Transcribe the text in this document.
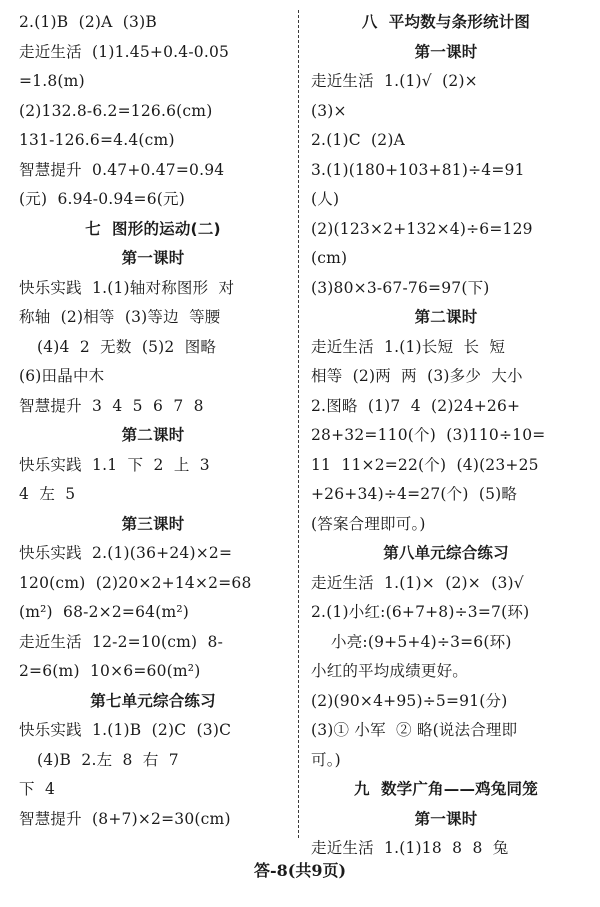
2.(1)B  (2)A  (3)B
走近生活  (1)1.45+0.4-0.05
=1.8(m)
(2)132.8-6.2=126.6(cm)
131-126.6=4.4(cm)
智慧提升  0.47+0.47=0.94
(元)  6.94-0.94=6(元)
七  图形的运动(二)
第一课时
快乐实践  1.(1)轴对称图形  对
称轴  (2)相等  (3)等边  等腰
(4)4  2  无数  (5)2  图略
(6)田晶中木
智慧提升  3  4  5  6  7  8
第二课时
快乐实践  1.1  下  2  上  3
4  左  5
第三课时
快乐实践  2.(1)(36+24)×2=
120(cm)  (2)20×2+14×2=68
(m²)  68-2×2=64(m²)
走近生活  12-2=10(cm)  8-
2=6(m)  10×6=60(m²)
第七单元综合练习
快乐实践  1.(1)B  (2)C  (3)C
(4)B  2.左  8  右  7
下  4
智慧提升  (8+7)×2=30(cm)
八  平均数与条形统计图
第一课时
走近生活  1.(1)√  (2)×
(3)×
2.(1)C  (2)A
3.(1)(180+103+81)÷4=91
(人)
(2)(123×2+132×4)÷6=129
(cm)
(3)80×3-67-76=97(下)
第二课时
走近生活  1.(1)长短  长  短
相等  (2)两  两  (3)多少  大小
2.图略  (1)7  4  (2)24+26+
28+32=110(个)  (3)110÷10=
11  11×2=22(个)  (4)(23+25
+26+34)÷4=27(个)  (5)略
(答案合理即可。)
第八单元综合练习
走近生活  1.(1)×  (2)×  (3)√
2.(1)小红:(6+7+8)÷3=7(环)
小亮:(9+5+4)÷3=6(环)
小红的平均成绩更好。
(2)(90×4+95)÷5=91(分)
(3)① 小军  ② 略(说法合理即
可。)
九  数学广角——鸡兔同笼
第一课时
走近生活  1.(1)18  8  8  兔
答-8(共9页)
